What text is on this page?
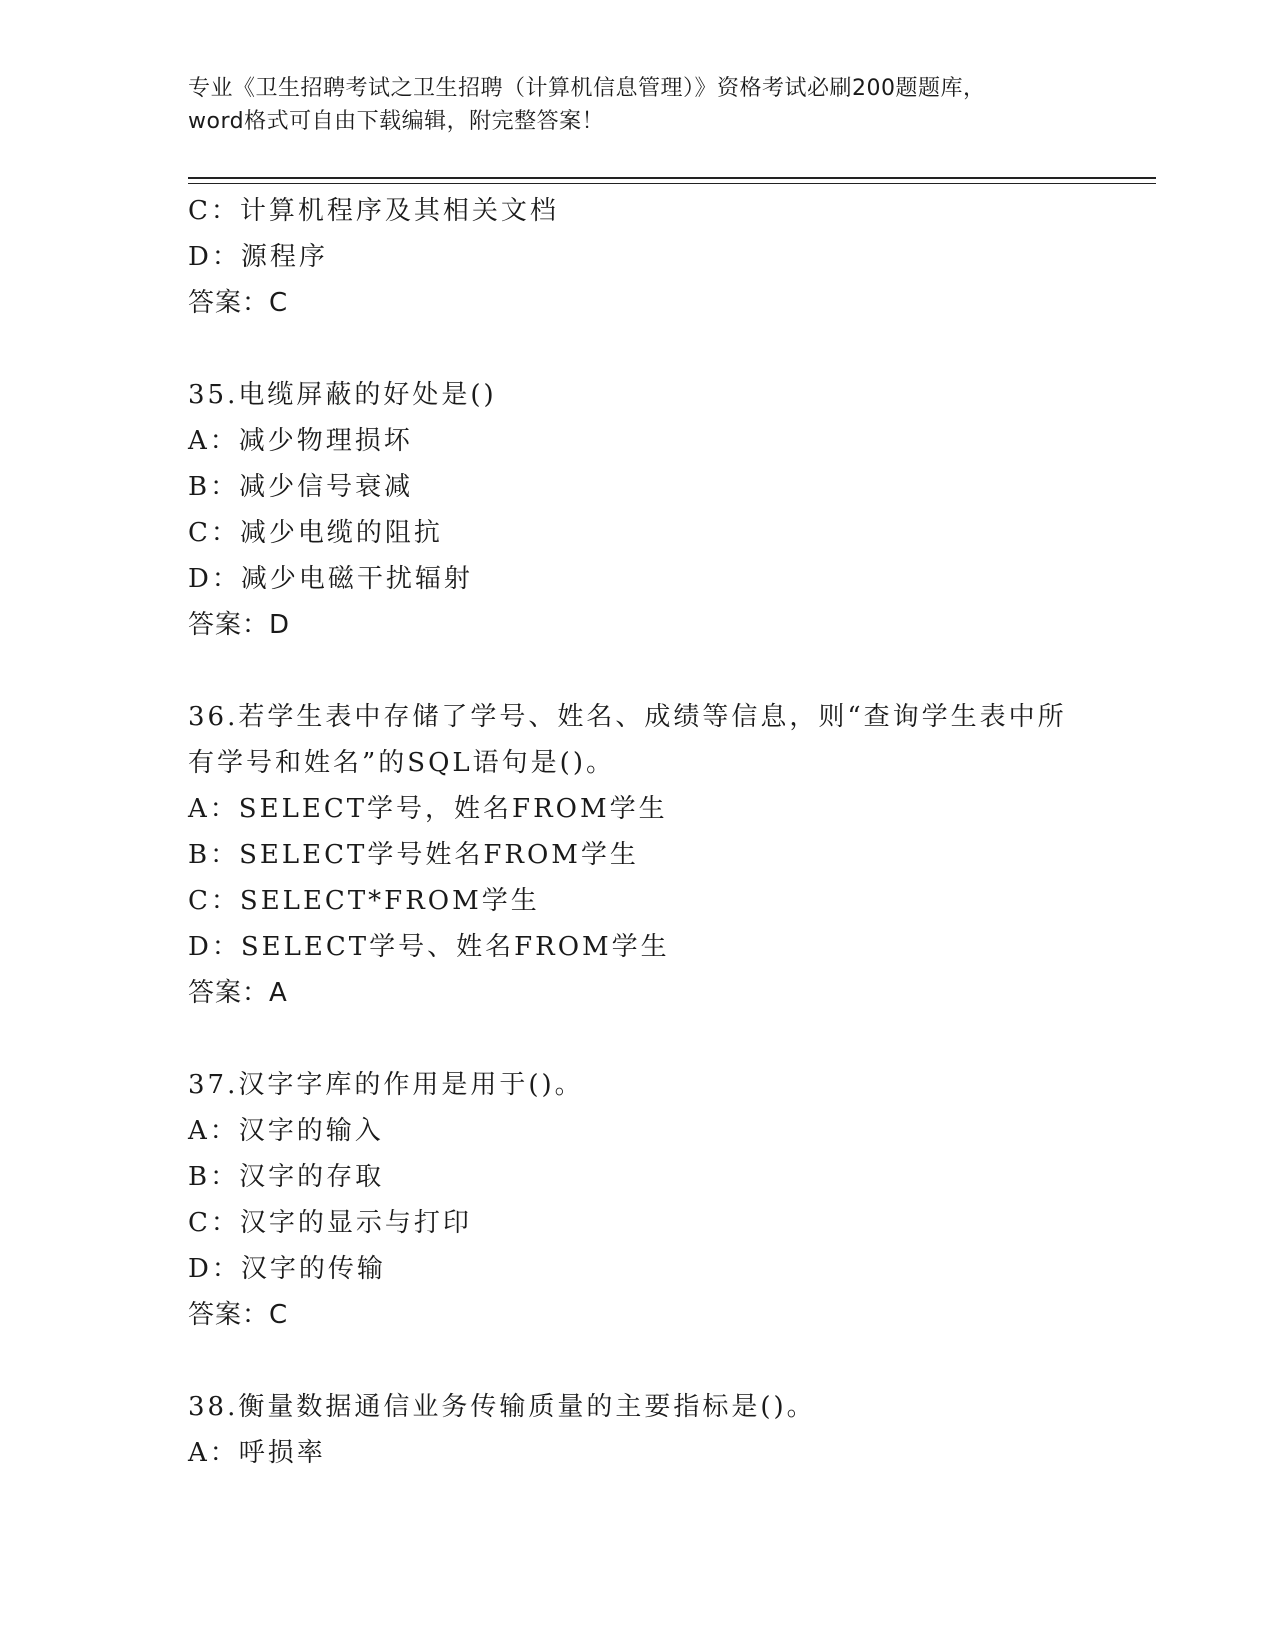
专业《卫生招聘考试之卫生招聘（计算机信息管理）》资格考试必刷200题题库，
word格式可自由下载编辑，附完整答案！
C：计算机程序及其相关文档
D：源程序
答案：C
35.电缆屏蔽的好处是()
A：减少物理损坏
B：减少信号衰减
C：减少电缆的阻抗
D：减少电磁干扰辐射
答案：D
36.若学生表中存储了学号、姓名、成绩等信息，则“查询学生表中所
有学号和姓名”的SQL语句是()。
A：SELECT学号，姓名FROM学生
B：SELECT学号姓名FROM学生
C：SELECT*FROM学生
D：SELECT学号、姓名FROM学生
答案：A
37.汉字字库的作用是用于()。
A：汉字的输入
B：汉字的存取
C：汉字的显示与打印
D：汉字的传输
答案：C
38.衡量数据通信业务传输质量的主要指标是()。
A：呼损率
